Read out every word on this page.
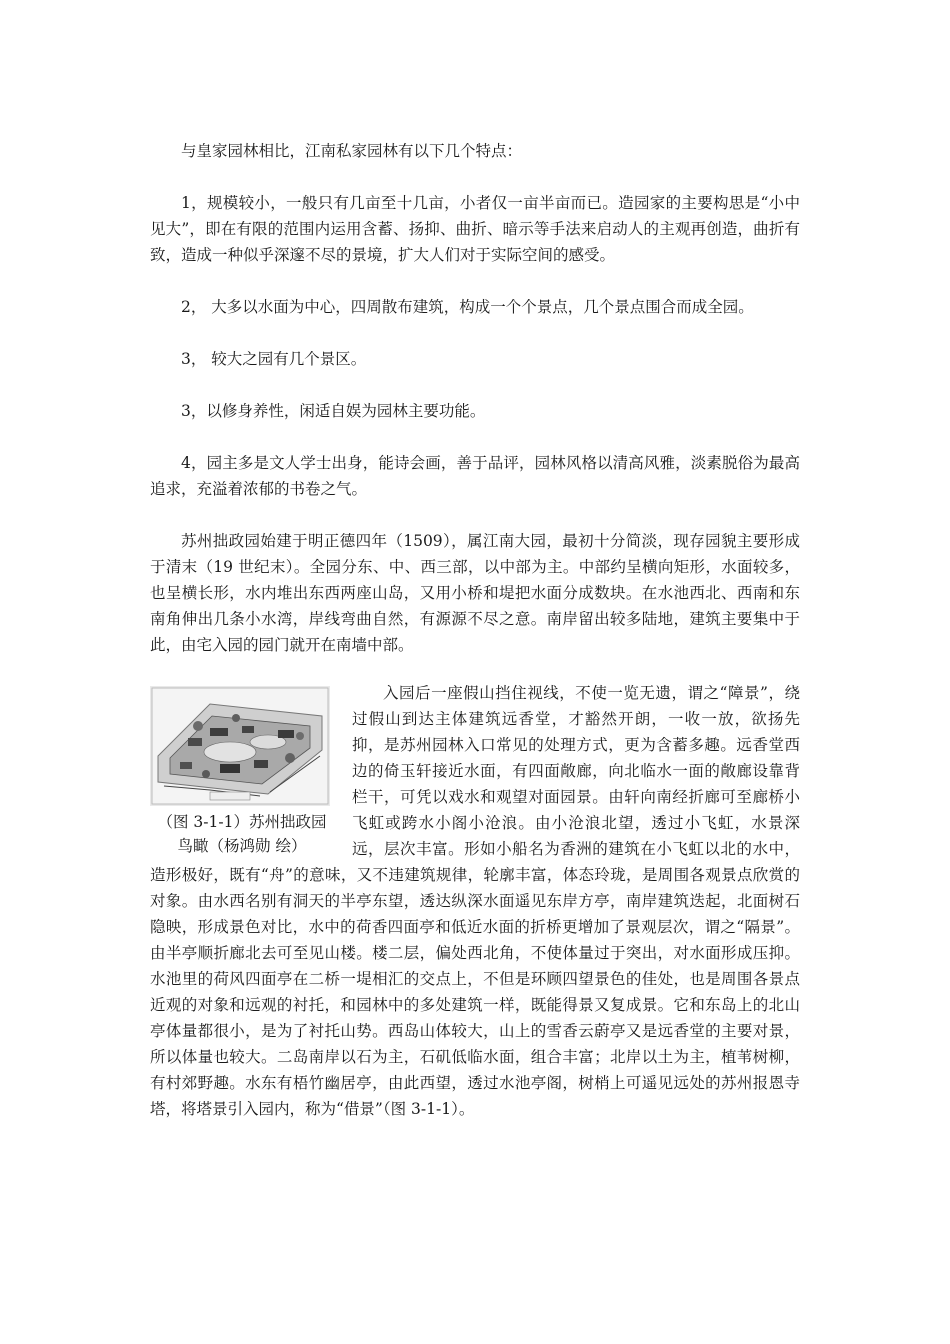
与皇家园林相比，江南私家园林有以下几个特点：

1，规模较小，一般只有几亩至十几亩，小者仅一亩半亩而已。造园家的主要构思是“小中见大”，即在有限的范围内运用含蓄、扬抑、曲折、暗示等手法来启动人的主观再创造，曲折有致，造成一种似乎深邃不尽的景境，扩大人们对于实际空间的感受。

2， 大多以水面为中心，四周散布建筑，构成一个个景点，几个景点围合而成全园。

3， 较大之园有几个景区。

3，以修身养性，闲适自娱为园林主要功能。

4，园主多是文人学士出身，能诗会画，善于品评，园林风格以清高风雅，淡素脱俗为最高追求，充溢着浓郁的书卷之气。

苏州拙政园始建于明正德四年（1509），属江南大园，最初十分简淡，现存园貌主要形成于清末（19 世纪末）。全园分东、中、西三部，以中部为主。中部约呈横向矩形，水面较多，也呈横长形，水内堆出东西两座山岛，又用小桥和堤把水面分成数块。在水池西北、西南和东南角伸出几条小水湾，岸线弯曲自然，有源源不尽之意。南岸留出较多陆地，建筑主要集中于此，由宅入园的园门就开在南墙中部。

（图 3-1-1）苏州拙政园鸟瞰（杨鸿勋 绘）

入园后一座假山挡住视线，不使一览无遗，谓之“障景”，绕过假山到达主体建筑远香堂，才豁然开朗，一收一放，欲扬先抑，是苏州园林入口常见的处理方式，更为含蓄多趣。远香堂西边的倚玉轩接近水面，有四面敞廊，向北临水一面的敞廊设靠背栏干，可凭以戏水和观望对面园景。由轩向南经折廊可至廊桥小飞虹或跨水小阁小沧浪。由小沧浪北望，透过小飞虹，水景深远，层次丰富。形如小船名为香洲的建筑在小飞虹以北的水中，造形极好，既有“舟”的意味，又不违建筑规律，轮廓丰富，体态玲珑，是周围各观景点欣赏的对象。由水西名别有洞天的半亭东望，透达纵深水面遥见东岸方亭，南岸建筑迭起，北面树石隐映，形成景色对比，水中的荷香四面亭和低近水面的折桥更增加了景观层次，谓之“隔景”。由半亭顺折廊北去可至见山楼。楼二层，偏处西北角，不使体量过于突出，对水面形成压抑。水池里的荷风四面亭在二桥一堤相汇的交点上，不但是环顾四望景色的佳处，也是周围各景点近观的对象和远观的衬托，和园林中的多处建筑一样，既能得景又复成景。它和东岛上的北山亭体量都很小，是为了衬托山势。西岛山体较大，山上的雪香云蔚亭又是远香堂的主要对景，所以体量也较大。二岛南岸以石为主，石矶低临水面，组合丰富；北岸以土为主，植苇树柳，有村郊野趣。水东有梧竹幽居亭，由此西望，透过水池亭阁，树梢上可遥见远处的苏州报恩寺塔，将塔景引入园内，称为“借景”（图 3-1-1）。
